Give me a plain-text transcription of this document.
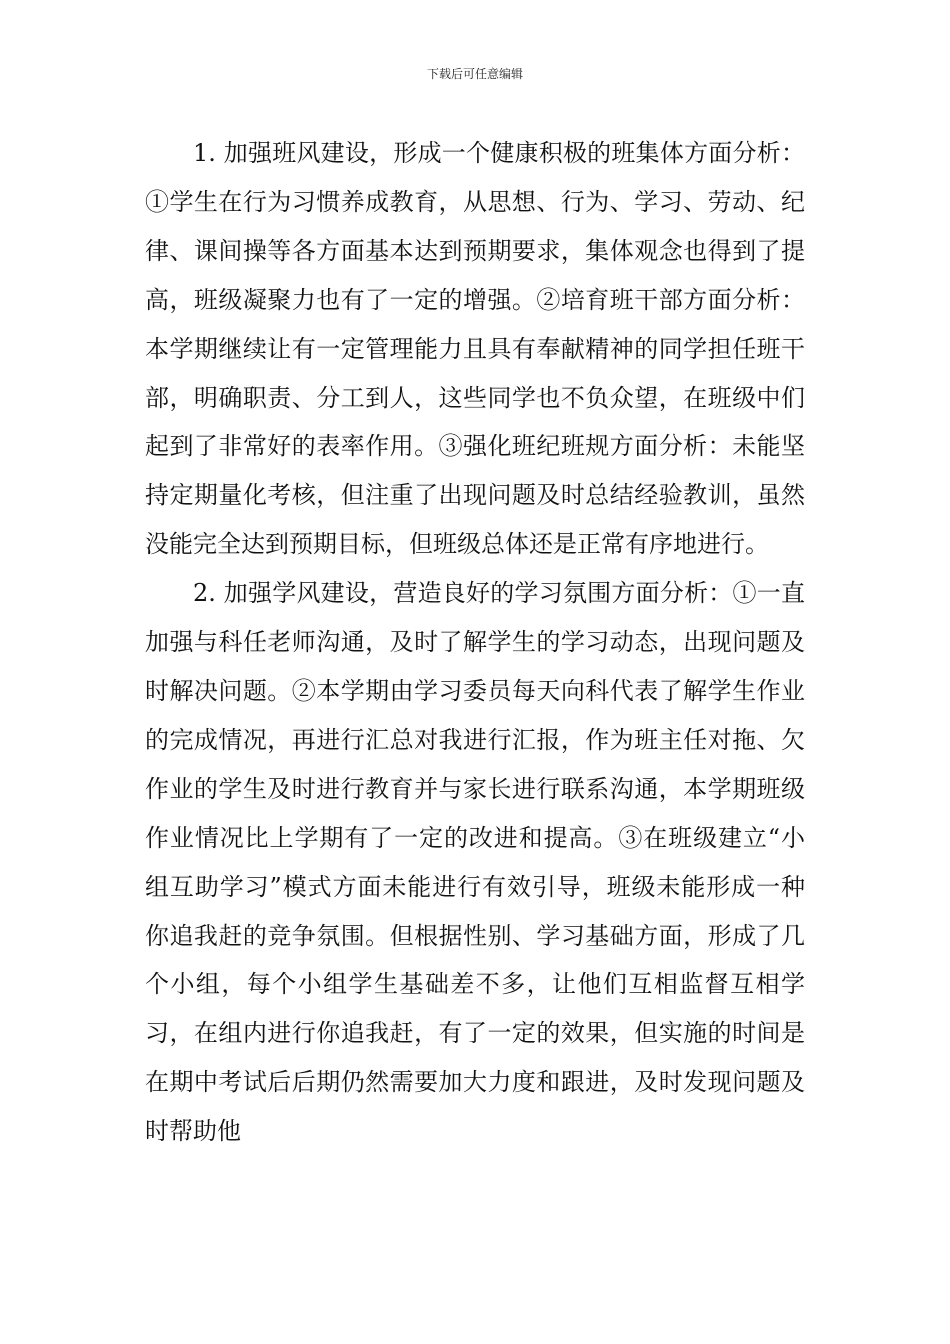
下载后可任意编辑

1. 加强班风建设，形成一个健康积极的班集体方面分析：①学生在行为习惯养成教育，从思想、行为、学习、劳动、纪律、课间操等各方面基本达到预期要求，集体观念也得到了提高，班级凝聚力也有了一定的增强。②培育班干部方面分析：本学期继续让有一定管理能力且具有奉献精神的同学担任班干部，明确职责、分工到人，这些同学也不负众望，在班级中们起到了非常好的表率作用。③强化班纪班规方面分析：未能坚持定期量化考核，但注重了出现问题及时总结经验教训，虽然没能完全达到预期目标，但班级总体还是正常有序地进行。

2. 加强学风建设，营造良好的学习氛围方面分析：①一直加强与科任老师沟通，及时了解学生的学习动态，出现问题及时解决问题。②本学期由学习委员每天向科代表了解学生作业的完成情况，再进行汇总对我进行汇报，作为班主任对拖、欠作业的学生及时进行教育并与家长进行联系沟通，本学期班级作业情况比上学期有了一定的改进和提高。③在班级建立“小组互助学习”模式方面未能进行有效引导，班级未能形成一种你追我赶的竞争氛围。但根据性别、学习基础方面，形成了几个小组，每个小组学生基础差不多，让他们互相监督互相学习，在组内进行你追我赶，有了一定的效果，但实施的时间是在期中考试后后期仍然需要加大力度和跟进，及时发现问题及时帮助他
